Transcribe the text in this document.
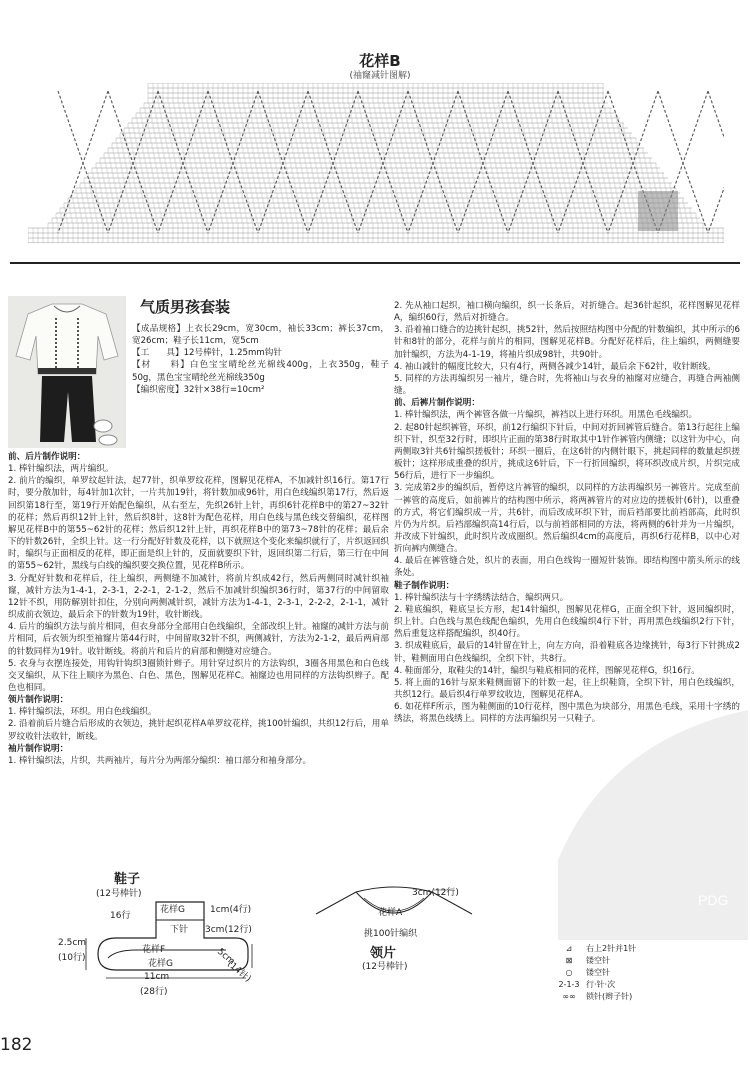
花样B
(袖窿减针图解)
气质男孩套装

【成品规格】上衣长29cm，宽30cm，袖长33cm；裤长37cm，宽26cm；鞋子长11cm，宽5cm

【工　　具】12号棒针，1.25mm钩针

【材　　料】白色宝宝晴纶丝光棉线400g，上衣350g，鞋子50g，黑色宝宝晴纶丝光棉线350g

【编织密度】32针×38行=10cm²

前、后片制作说明：

1. 棒针编织法，两片编织。

2. 前片的编织，单罗纹起针法，起77针，织单罗纹花样，图解见花样A，不加减针织16行。第17行时，要分散加针，每4针加1次针，一片共加19针，将针数加成96针，用白色线编织第17行，然后返回织第18行至，第19行开始配色编织，从右至左，先织26针上针，再织6针花样B中的第27~32针的花样；然后再织12针上针，然后织8针，这8针为配色花样，用白色线与黑色线交替编织，花样图解见花样B中的第55~62针的花样；然后织12针上针，再织花样B中的第73~78针的花样；最后余下的针数26针，全织上针。这一行分配好针数及花样，以下就照这个变化来编织就行了，片织返回织时，编织与正面相反的花样，即正面是织上针的，反面就要织下针，返回织第二行后，第三行在中间的第55~62针，黑线与白线的编织要交换位置，见花样B所示。

3. 分配好针数和花样后，往上编织，两侧缝不加减针，将前片织成42行，然后两侧同时减针织袖窿，减针方法为1-4-1，2-3-1，2-2-1，2-1-2，然后不加减针织编织36行时，第37行的中间留取12针不织，用防解别针扣住，分别向两侧减针织，减针方法为1-4-1，2-3-1，2-2-2，2-1-1，减针织成前衣领边，最后余下的针数为19针，收针断线。

4. 后片的编织方法与前片相同，但衣身部分全部用白色线编织，全部改织上针。袖窿的减针方法与前片相同，后衣领为织至袖窿片第44行时，中间留取32针不织，两侧减针，方法为2-1-2，最后两肩部的针数同样为19针。收针断线。将前片和后片的肩部和侧缝对应缝合。

5. 衣身与衣摆连接处，用钩针钩织3圈锁针辫子。用针穿过织片的方法钩织，3圈各用黑色和白色线交叉编织，从下往上顺序为黑色、白色、黑色，图解见花样C。袖窿边也用同样的方法钩织辫子。配色也相同。

领片制作说明：

1. 棒针编织法，环织。用白色线编织。

2. 沿着前后片缝合后形成的衣领边，挑针起织花样A单罗纹花样，挑100针编织，共织12行后，用单罗纹收针法收针，断线。

袖片制作说明：

1. 棒针编织法，片织，共两袖片，每片分为两部分编织：袖口部分和袖身部分。

2. 先从袖口起织，袖口横向编织，织一长条后，对折缝合。起36针起织，花样图解见花样A，编织60行，然后对折缝合。

3. 沿着袖口缝合的边挑针起织，挑52针，然后按照结构图中分配的针数编织，其中所示的6针和8针的部分，花样与前片的相同，图解见花样B。分配好花样后，往上编织，两侧缝要加针编织，方法为4-1-19，将袖片织成98针，共90针。

4. 袖山减针的幅度比较大，只有4行，两侧各减少14针，最后余下62针，收针断线。

5. 同样的方法再编织另一袖片，缝合时，先将袖山与衣身的袖窿对应缝合，再缝合两袖侧缝。

前、后裤片制作说明：

1. 棒针编织法，两个裤管各做一片编织，裤裆以上进行环织。用黑色毛线编织。

2. 起80针起织裤管，环织，前12行编织下针后，中间对折回裤管后缝合。第13行起往上编织下针，织至32行时，即织片正面的第38行时取其中1针作裤管内侧缝；以这针为中心，向两侧取3针共6针编织搓板针；环织一圈后，在这6针的内侧针眼下，挑起同样的数量起织搓板针；这样形成重叠的织片，挑成这6针后，下一行折回编织，将环织改成片织，片织完成56行后，进行下一步编织。

3. 完成第2步的编织后，暂停这片裤管的编织，以同样的方法再编织另一裤管片。完成至前一裤管的高度后，如前裤片的结构图中所示，将两裤管片的对应边的搓板针(6针)，以重叠的方式，将它们编织成一片，共6针，而后改成环织下针，而后裆部要比前裆部高，此时织片仍为片织。后裆部编织高14行后，以与前裆部相同的方法，将两侧的6针并为一片编织，并改成下针编织，此时织片改成圈织。然后编织4cm的高度后，再织6行花样B，以中心对折向裤内侧缝合。

4. 最后在裤管缝合处，织片的表面，用白色线钩一圈短针装饰。即结构图中箭头所示的线条处。

鞋子制作说明：

1. 棒针编织法与十字绣绣法结合，编织两只。

2. 鞋底编织，鞋底呈长方形，起14针编织，图解见花样G，正面全织下针，返回编织时，织上针。白色线与黑色线配色编织，先用白色线编织4行下针，再用黑色线编织2行下针，然后重复这样搭配编织，织40行。

3. 织成鞋底后，最后的14针留在针上，向左方向，沿着鞋底各边缘挑针，每3行下针挑成2针，鞋侧面用白色线编织，全织下针，共8行。

4. 鞋面部分，取鞋尖的14针，编织与鞋底相同的花样，图解见花样G，织16行。

5. 将上面的16针与原来鞋侧面留下的针数一起，往上织鞋筒，全织下针，用白色线编织，共织12行。最后织4行单罗纹收边，图解见花样A。

6. 如花样F所示，图为鞋侧面的10行花样，图中黑色为块部分，用黑色毛线，采用十字绣的绣法，将黑色线绣上。同样的方法再编织另一只鞋子。

鞋子
(12号棒针)
16行
花样G	1cm(4行)
下针 3cm(12行)
花样F
花样G
2.5cm
(10行)	5cm
(14针)
11cm
(28行)
3cm(12行)
花样A
挑100针编织
领片
(12号棒针)
⊿	右上2针并1针
⊠	镂空针
○	镂空针
2-1-3 行·针·次
∞∞	锁针(辫子针)
PDG
182
